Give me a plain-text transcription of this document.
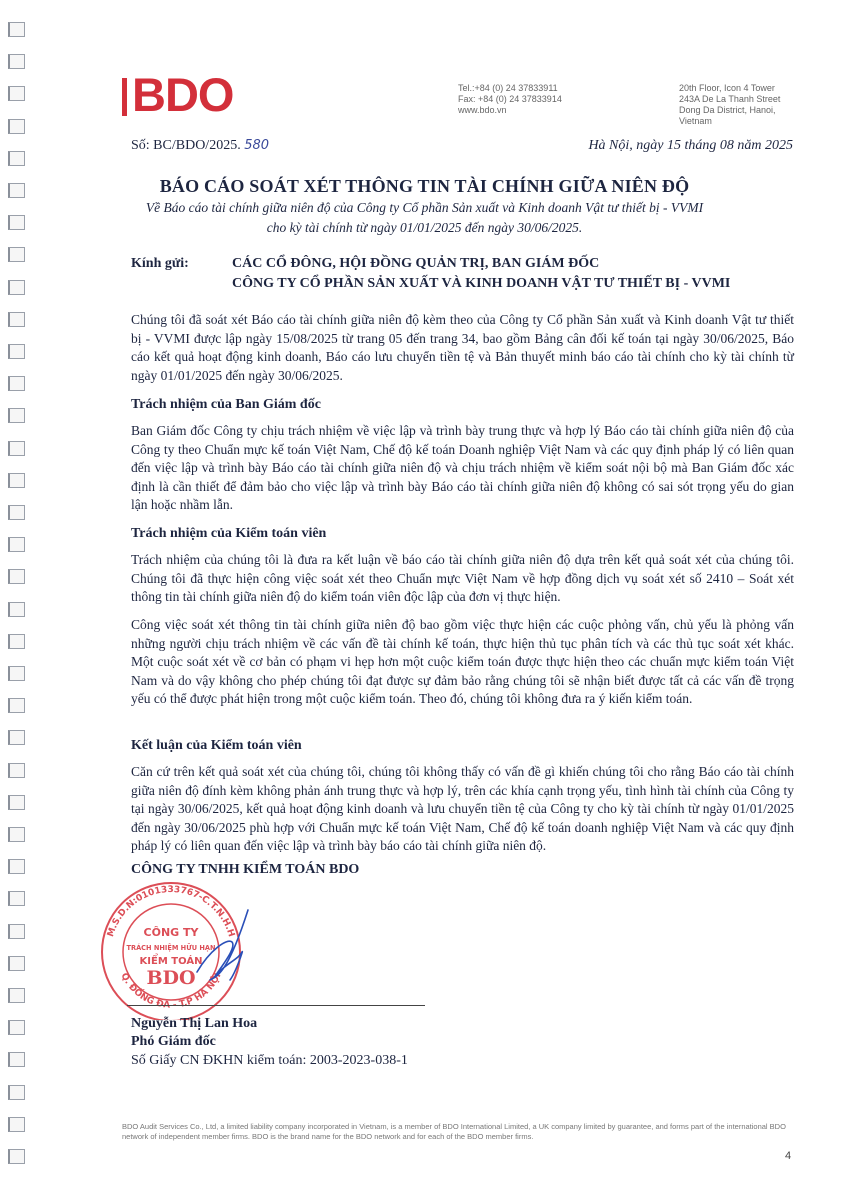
BDO	Tel.:+84 (0) 24 37833911
Fax: +84 (0) 24 37833914
www.bdo.vn
20th Floor, Icon 4 Tower
243A De La Thanh Street
Dong Da District, Hanoi,
Vietnam
Số: BC/BDO/2025. 580	Hà Nội, ngày 15 tháng 08 năm 2025
BÁO CÁO SOÁT XÉT THÔNG TIN TÀI CHÍNH GIỮA NIÊN ĐỘ
Về Báo cáo tài chính giữa niên độ của Công ty Cổ phần Sản xuất và Kinh doanh Vật tư thiết bị - VVMI
cho kỳ tài chính từ ngày 01/01/2025 đến ngày 30/06/2025.
Kính gửi:	CÁC CỔ ĐÔNG, HỘI ĐỒNG QUẢN TRỊ, BAN GIÁM ĐỐC
CÔNG TY CỔ PHẦN SẢN XUẤT VÀ KINH DOANH VẬT TƯ THIẾT BỊ - VVMI

Chúng tôi đã soát xét Báo cáo tài chính giữa niên độ kèm theo của Công ty Cổ phần Sản xuất và Kinh doanh Vật tư thiết bị - VVMI được lập ngày 15/08/2025 từ trang 05 đến trang 34, bao gồm Bảng cân đối kế toán tại ngày 30/06/2025, Báo cáo kết quả hoạt động kinh doanh, Báo cáo lưu chuyển tiền tệ và Bản thuyết minh báo cáo tài chính cho kỳ tài chính từ ngày 01/01/2025 đến ngày 30/06/2025.

Trách nhiệm của Ban Giám đốc

Ban Giám đốc Công ty chịu trách nhiệm về việc lập và trình bày trung thực và hợp lý Báo cáo tài chính giữa niên độ của Công ty theo Chuẩn mực kế toán Việt Nam, Chế độ kế toán Doanh nghiệp Việt Nam và các quy định pháp lý có liên quan đến việc lập và trình bày Báo cáo tài chính giữa niên độ và chịu trách nhiệm về kiểm soát nội bộ mà Ban Giám đốc xác định là cần thiết để đảm bảo cho việc lập và trình bày Báo cáo tài chính giữa niên độ không có sai sót trọng yếu do gian lận hoặc nhầm lẫn.

Trách nhiệm của Kiểm toán viên

Trách nhiệm của chúng tôi là đưa ra kết luận về báo cáo tài chính giữa niên độ dựa trên kết quả soát xét của chúng tôi. Chúng tôi đã thực hiện công việc soát xét theo Chuẩn mực Việt Nam về hợp đồng dịch vụ soát xét số 2410 – Soát xét thông tin tài chính giữa niên độ do kiểm toán viên độc lập của đơn vị thực hiện.

Công việc soát xét thông tin tài chính giữa niên độ bao gồm việc thực hiện các cuộc phỏng vấn, chủ yếu là phỏng vấn những người chịu trách nhiệm về các vấn đề tài chính kế toán, thực hiện thủ tục phân tích và các thủ tục soát xét khác. Một cuộc soát xét về cơ bản có phạm vi hẹp hơn một cuộc kiểm toán được thực hiện theo các chuẩn mực kiểm toán Việt Nam và do vậy không cho phép chúng tôi đạt được sự đảm bảo rằng chúng tôi sẽ nhận biết được tất cả các vấn đề trọng yếu có thể được phát hiện trong một cuộc kiểm toán. Theo đó, chúng tôi không đưa ra ý kiến kiểm toán.

Kết luận của Kiểm toán viên

Căn cứ trên kết quả soát xét của chúng tôi, chúng tôi không thấy có vấn đề gì khiến chúng tôi cho rằng Báo cáo tài chính giữa niên độ đính kèm không phản ánh trung thực và hợp lý, trên các khía cạnh trọng yếu, tình hình tài chính của Công ty tại ngày 30/06/2025, kết quả hoạt động kinh doanh và lưu chuyển tiền tệ của Công ty cho kỳ tài chính từ ngày 01/01/2025 đến ngày 30/06/2025 phù hợp với Chuẩn mực kế toán Việt Nam, Chế độ kế toán doanh nghiệp Việt Nam và các quy định pháp lý có liên quan đến việc lập và trình bày báo cáo tài chính giữa niên độ.

CÔNG TY TNHH KIỂM TOÁN BDO
M.S.D.N:0101333767-C.T.N.H.H
Q. ĐỐNG ĐA - T.P HÀ NỘI
CÔNG TY
TRÁCH NHIỆM HỮU HẠN
KIỂM TOÁN
BDO
Nguyễn Thị Lan Hoa
Phó Giám đốc
Số Giấy CN ĐKHN kiểm toán: 2003-2023-038-1
BDO Audit Services Co., Ltd, a limited liability company incorporated in Vietnam, is a member of BDO International Limited, a UK company limited by guarantee, and forms part of the international BDO network of independent member firms. BDO is the brand name for the BDO network and for each of the BDO member firms.
4
